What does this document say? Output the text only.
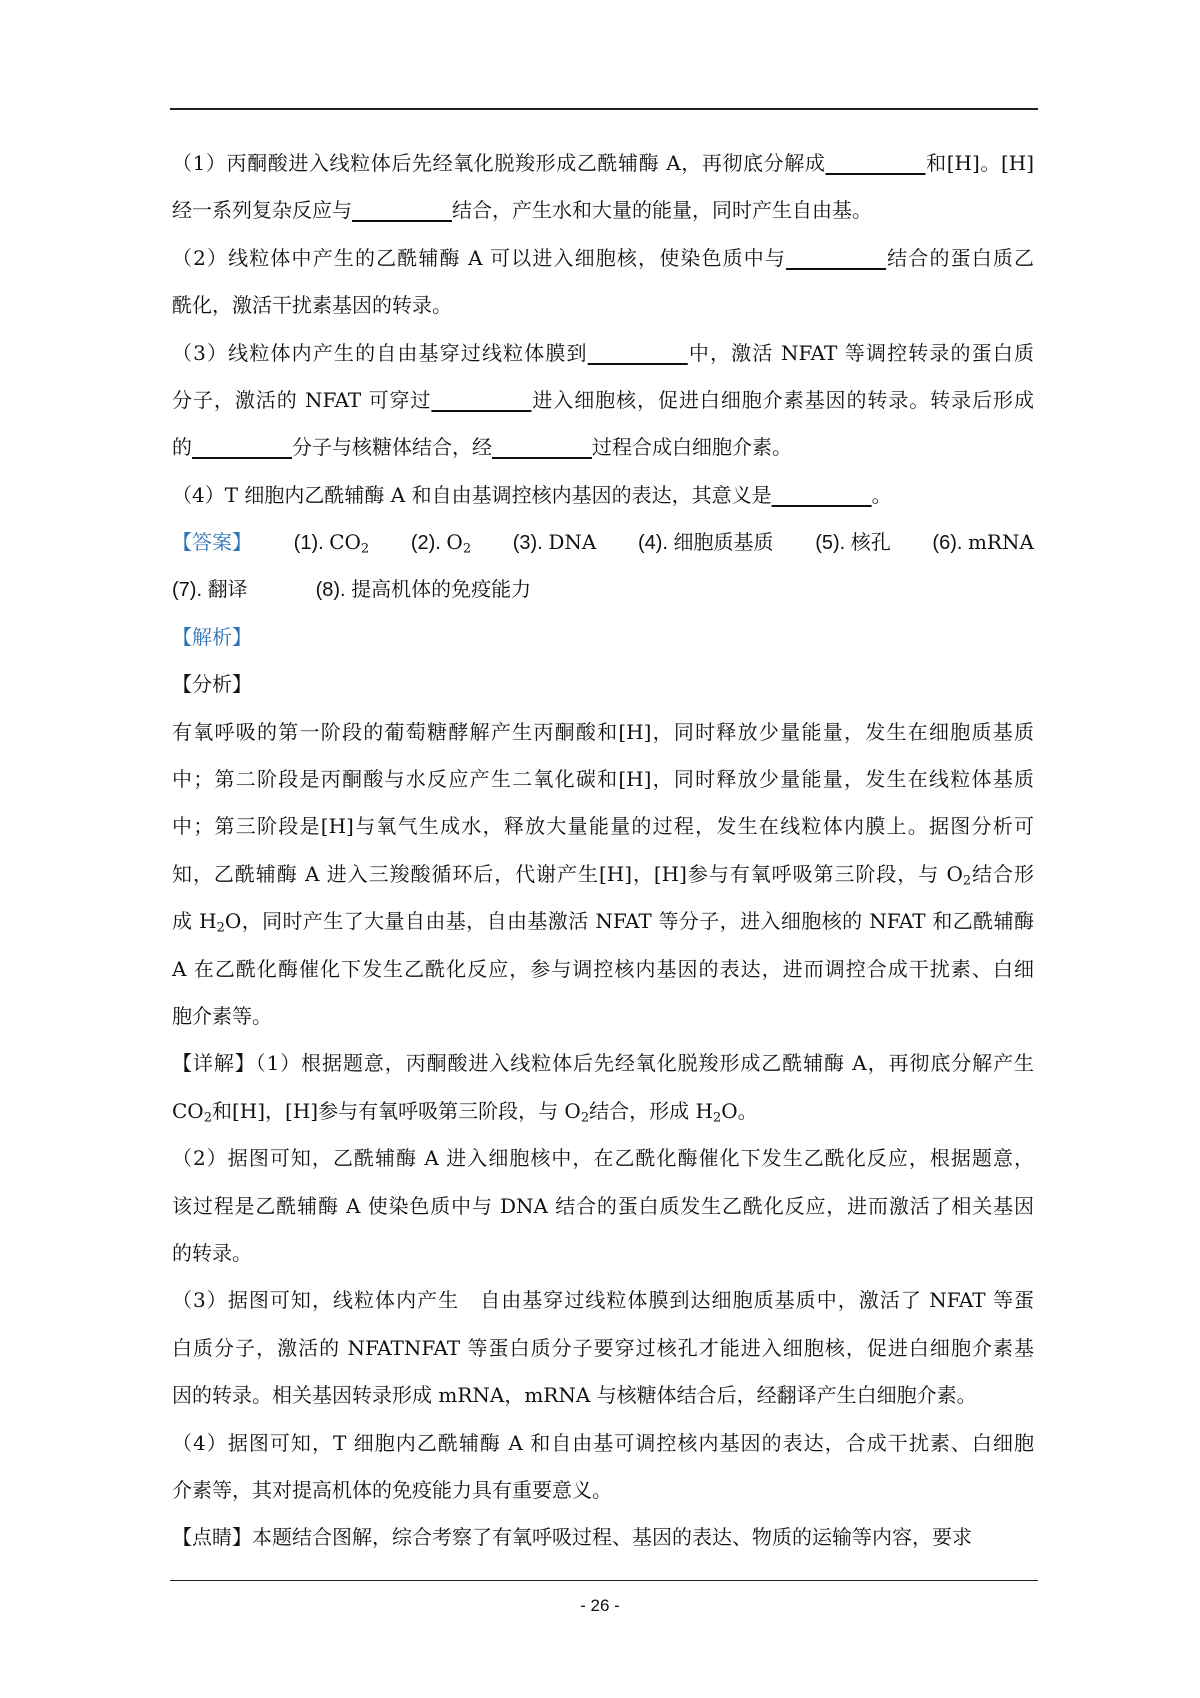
（1）丙酮酸进入线粒体后先经氧化脱羧形成乙酰辅酶 A，再彻底分解成__________和[H]。[H]
经一系列复杂反应与__________结合，产生水和大量的能量，同时产生自由基。
（2）线粒体中产生的乙酰辅酶 A 可以进入细胞核，使染色质中与__________结合的蛋白质乙
酰化，激活干扰素基因的转录。
（3）线粒体内产生的自由基穿过线粒体膜到__________中，激活 NFAT 等调控转录的蛋白质
分子，激活的 NFAT 可穿过__________进入细胞核，促进白细胞介素基因的转录。转录后形成
的__________分子与核糖体结合，经__________过程合成白细胞介素。
（4）T 细胞内乙酰辅酶 A 和自由基调控核内基因的表达，其意义是__________。
【答案】 (1). $CO_2$ (2). $O_2$ (3). DNA (4). 细胞质基质 (5). 核孔 (6). mRNA
(7). 翻译	(8). 提高机体的免疫能力
【解析】
【分析】
有氧呼吸的第一阶段的葡萄糖酵解产生丙酮酸和[H]，同时释放少量能量，发生在细胞质基质
中；第二阶段是丙酮酸与水反应产生二氧化碳和[H]，同时释放少量能量，发生在线粒体基质
中；第三阶段是[H]与氧气生成水，释放大量能量的过程，发生在线粒体内膜上。据图分析可
知，乙酰辅酶 A 进入三羧酸循环后，代谢产生[H]，[H]参与有氧呼吸第三阶段，与 $O_2$结合形
成 $H_2O$，同时产生了大量自由基，自由基激活 NFAT 等分子，进入细胞核的 NFAT 和乙酰辅酶
A 在乙酰化酶催化下发生乙酰化反应，参与调控核内基因的表达，进而调控合成干扰素、白细
胞介素等。
【详解】（1）根据题意，丙酮酸进入线粒体后先经氧化脱羧形成乙酰辅酶 A，再彻底分解产生
$CO_2$和[H]，[H]参与有氧呼吸第三阶段，与 $O_2$结合，形成 $H_2O$。
（2）据图可知，乙酰辅酶 A 进入细胞核中，在乙酰化酶催化下发生乙酰化反应，根据题意，
该过程是乙酰辅酶 A 使染色质中与 DNA 结合的蛋白质发生乙酰化反应，进而激活了相关基因
的转录。
（3）据图可知，线粒体内产生　自由基穿过线粒体膜到达细胞质基质中，激活了 NFAT 等蛋
白质分子，激活的 NFATNFAT 等蛋白质分子要穿过核孔才能进入细胞核，促进白细胞介素基
因的转录。相关基因转录形成 mRNA，mRNA 与核糖体结合后，经翻译产生白细胞介素。
（4）据图可知，T 细胞内乙酰辅酶 A 和自由基可调控核内基因的表达，合成干扰素、白细胞
介素等，其对提高机体的免疫能力具有重要意义。
【点睛】本题结合图解，综合考察了有氧呼吸过程、基因的表达、物质的运输等内容，要求
- 26 -
